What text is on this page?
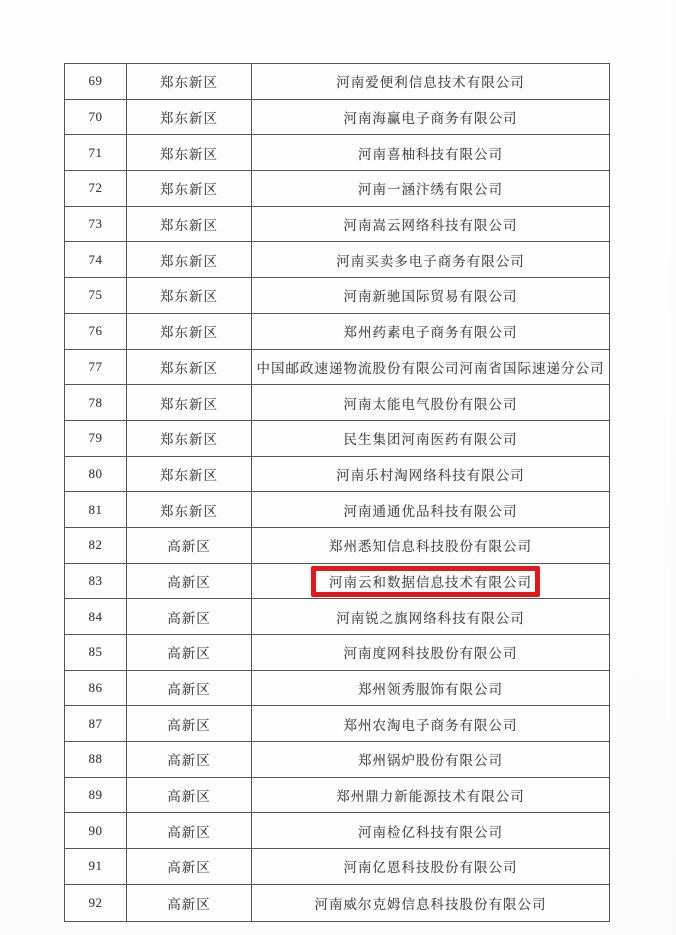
69	郑东新区	河南爱便利信息技术有限公司
70	郑东新区	河南海赢电子商务有限公司
71	郑东新区	河南喜柚科技有限公司
72	郑东新区	河南一涵汴绣有限公司
73	郑东新区	河南嵩云网络科技有限公司
74	郑东新区	河南买卖多电子商务有限公司
75	郑东新区	河南新驰国际贸易有限公司
76	郑东新区	郑州药素电子商务有限公司
77	郑东新区	中国邮政速递物流股份有限公司河南省国际速递分公司
78	郑东新区	河南太能电气股份有限公司
79	郑东新区	民生集团河南医药有限公司
80	郑东新区	河南乐村淘网络科技有限公司
81	郑东新区	河南通通优品科技有限公司
82	高新区	郑州悉知信息科技股份有限公司
83	高新区	河南云和数据信息技术有限公司
84	高新区	河南锐之旗网络科技有限公司
85	高新区	河南度网科技股份有限公司
86	高新区	郑州领秀服饰有限公司
87	高新区	郑州农淘电子商务有限公司
88	高新区	郑州锅炉股份有限公司
89	高新区	郑州鼎力新能源技术有限公司
90	高新区	河南检亿科技有限公司
91	高新区	河南亿恩科技股份有限公司
92	高新区	河南威尔克姆信息科技股份有限公司
